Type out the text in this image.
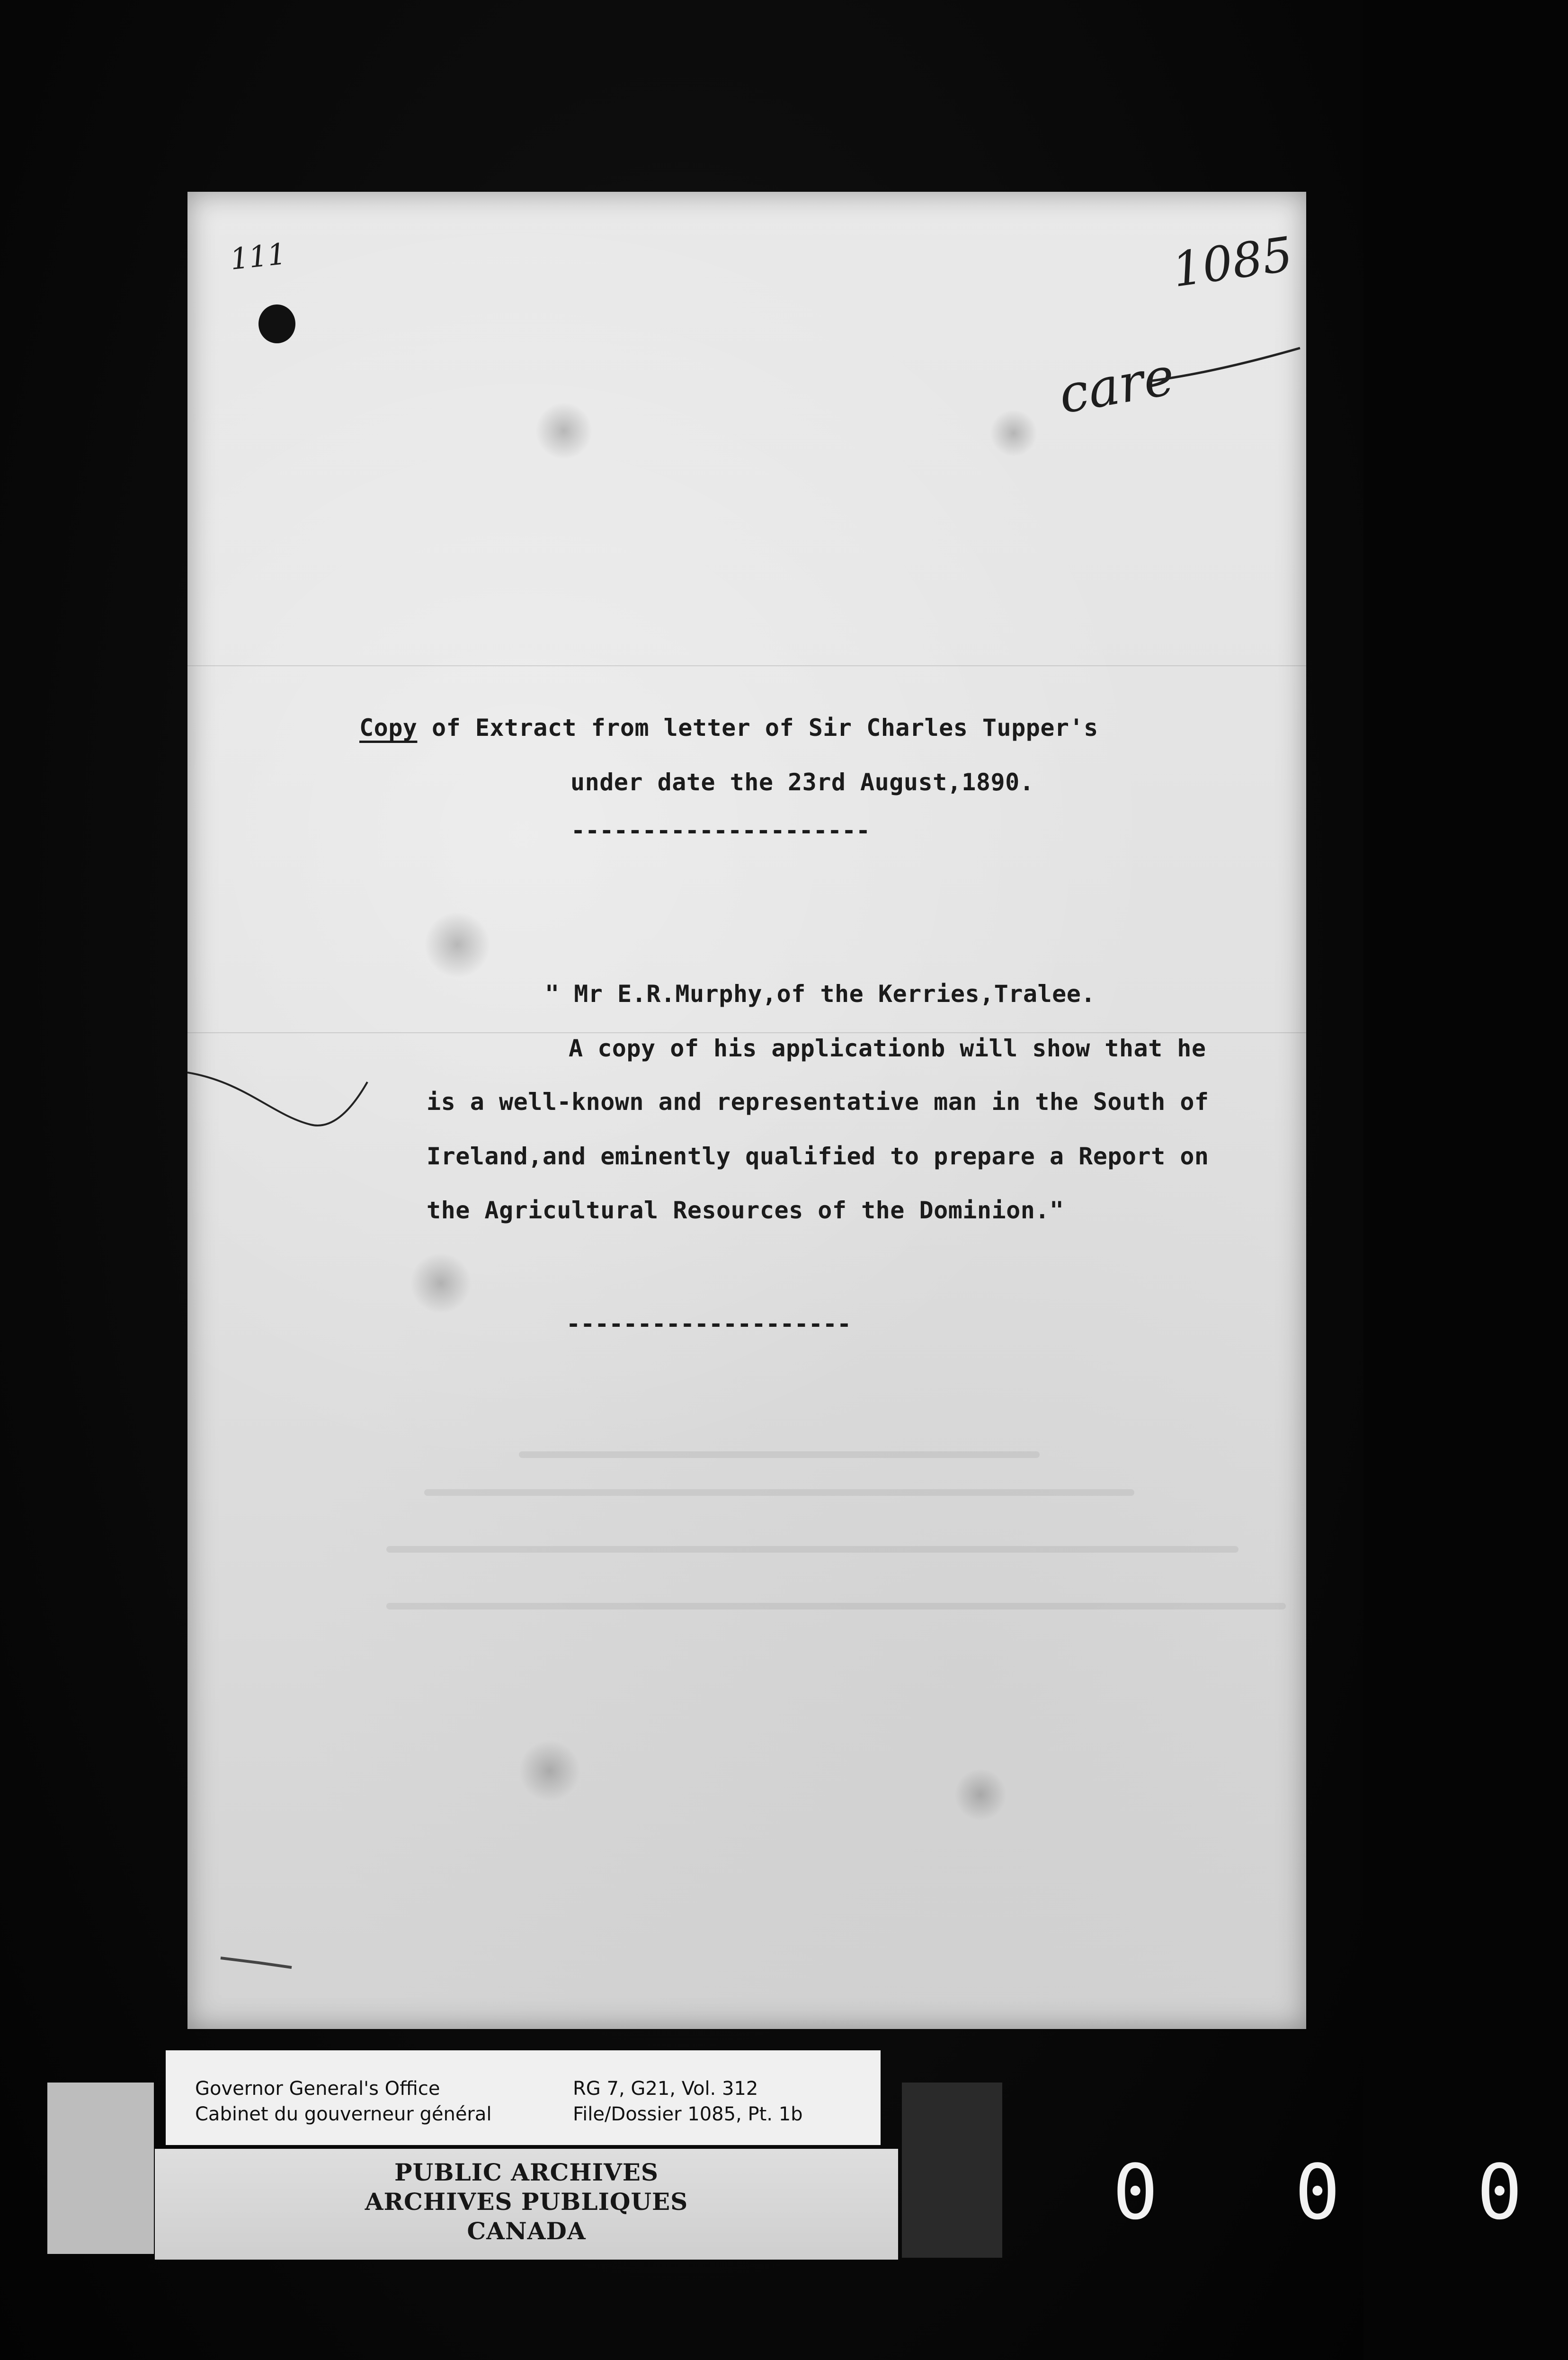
111	1085
care
Copy of Extract from letter of Sir Charles Tupper's
under date the 23rd August,1890.
---------------------
" Mr E.R.Murphy,of the Kerries,Tralee.
A copy of his applicationb will show that he
is a well-known and representative man in the South of
Ireland,and eminently qualified to prepare a Report on
the Agricultural Resources of the Dominion."
--------------------
Governor General's Office
Cabinet du gouverneur général
RG 7, G21, Vol. 312
File/Dossier 1085, Pt. 1b
PUBLIC ARCHIVES
ARCHIVES PUBLIQUES
CANADA	0 0 0
